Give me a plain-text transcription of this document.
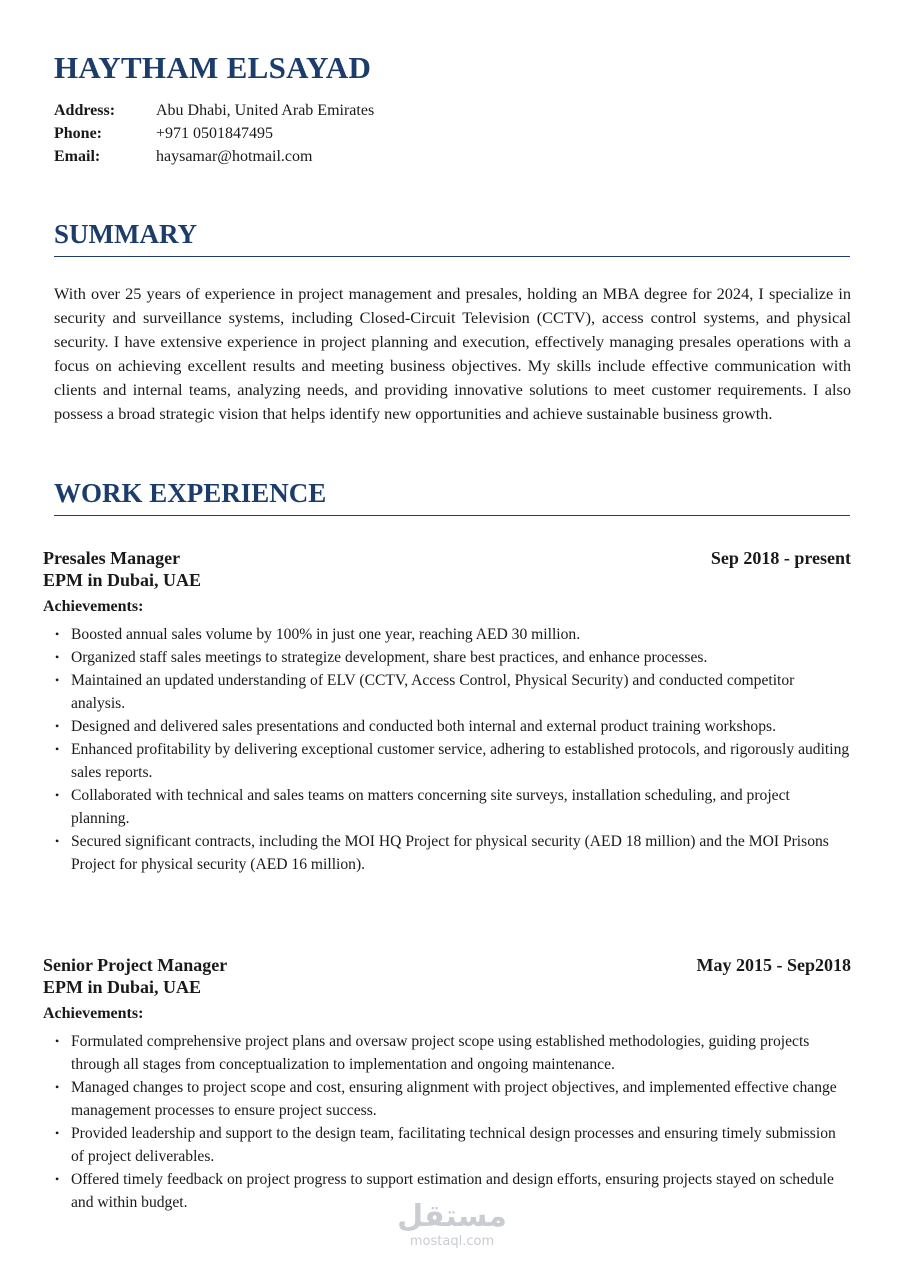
HAYTHAM ELSAYAD
Address:	Abu Dhabi, United Arab Emirates
Phone:	+971 0501847495
Email:	haysamar@hotmail.com
SUMMARY

With over 25 years of experience in project management and presales, holding an MBA degree for 2024, I specialize in security and surveillance systems, including Closed-Circuit Television (CCTV), access control systems, and physical security. I have extensive experience in project planning and execution, effectively managing presales operations with a focus on achieving excellent results and meeting business objectives. My skills include effective communication with clients and internal teams, analyzing needs, and providing innovative solutions to meet customer requirements. I also possess a broad strategic vision that helps identify new opportunities and achieve sustainable business growth.

WORK EXPERIENCE
Presales Manager	Sep 2018 - present
EPM in Dubai, UAE
Achievements:
• Boosted annual sales volume by 100% in just one year, reaching AED 30 million.
• Organized staff sales meetings to strategize development, share best practices, and enhance processes.
• Maintained an updated understanding of ELV (CCTV, Access Control, Physical Security) and conducted competitor analysis.
• Designed and delivered sales presentations and conducted both internal and external product training workshops.
• Enhanced profitability by delivering exceptional customer service, adhering to established protocols, and rigorously auditing sales reports.
• Collaborated with technical and sales teams on matters concerning site surveys, installation scheduling, and project planning.
• Secured significant contracts, including the MOI HQ Project for physical security (AED 18 million) and the MOI Prisons Project for physical security (AED 16 million).
Senior Project Manager	May 2015 - Sep2018
EPM in Dubai, UAE
Achievements:
• Formulated comprehensive project plans and oversaw project scope using established methodologies, guiding projects through all stages from conceptualization to implementation and ongoing maintenance.
• Managed changes to project scope and cost, ensuring alignment with project objectives, and implemented effective change management processes to ensure project success.
• Provided leadership and support to the design team, facilitating technical design processes and ensuring timely submission of project deliverables.
• Offered timely feedback on project progress to support estimation and design efforts, ensuring projects stayed on schedule and within budget.	مستقل
mostaql.com
